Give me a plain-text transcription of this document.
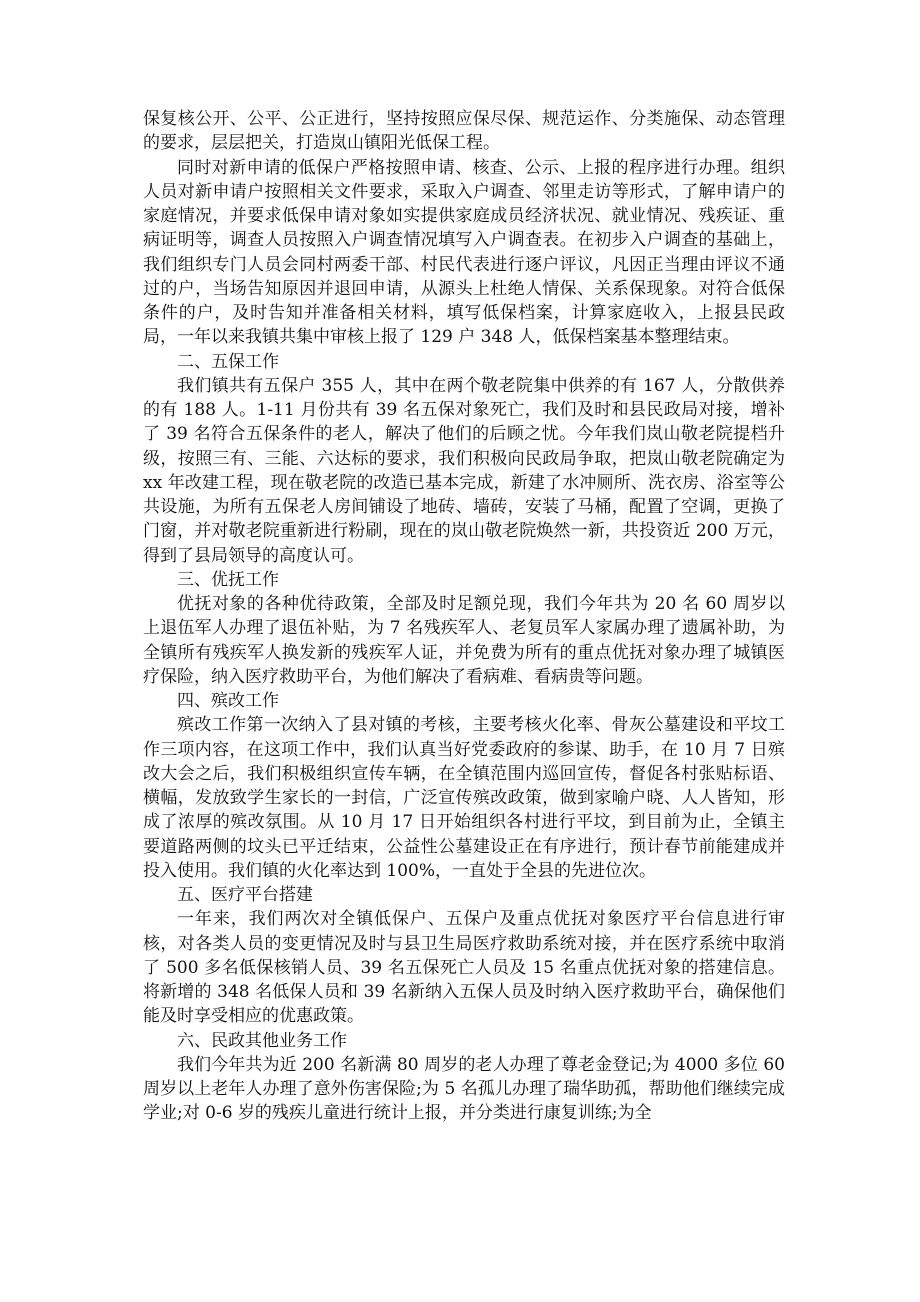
保复核公开、公平、公正进行，坚持按照应保尽保、规范运作、分类施保、动态管理的要求，层层把关，打造岚山镇阳光低保工程。

同时对新申请的低保户严格按照申请、核查、公示、上报的程序进行办理。组织人员对新申请户按照相关文件要求，采取入户调查、邻里走访等形式，了解申请户的家庭情况，并要求低保申请对象如实提供家庭成员经济状况、就业情况、残疾证、重病证明等，调查人员按照入户调查情况填写入户调查表。在初步入户调查的基础上，我们组织专门人员会同村两委干部、村民代表进行逐户评议，凡因正当理由评议不通过的户，当场告知原因并退回申请，从源头上杜绝人情保、关系保现象。对符合低保条件的户，及时告知并准备相关材料，填写低保档案，计算家庭收入，上报县民政局，一年以来我镇共集中审核上报了 129 户 348 人，低保档案基本整理结束。

二、五保工作

我们镇共有五保户 355 人，其中在两个敬老院集中供养的有 167 人，分散供养的有 188 人。1-11 月份共有 39 名五保对象死亡，我们及时和县民政局对接，增补了 39 名符合五保条件的老人，解决了他们的后顾之忧。今年我们岚山敬老院提档升级，按照三有、三能、六达标的要求，我们积极向民政局争取，把岚山敬老院确定为 xx 年改建工程，现在敬老院的改造已基本完成，新建了水冲厕所、洗衣房、浴室等公共设施，为所有五保老人房间铺设了地砖、墙砖，安装了马桶，配置了空调，更换了门窗，并对敬老院重新进行粉刷，现在的岚山敬老院焕然一新，共投资近 200 万元，得到了县局领导的高度认可。

三、优抚工作

优抚对象的各种优待政策，全部及时足额兑现，我们今年共为 20 名 60 周岁以上退伍军人办理了退伍补贴，为 7 名残疾军人、老复员军人家属办理了遗属补助，为全镇所有残疾军人换发新的残疾军人证，并免费为所有的重点优抚对象办理了城镇医疗保险，纳入医疗救助平台，为他们解决了看病难、看病贵等问题。

四、殡改工作

殡改工作第一次纳入了县对镇的考核，主要考核火化率、骨灰公墓建设和平坟工作三项内容，在这项工作中，我们认真当好党委政府的参谋、助手，在 10 月 7 日殡改大会之后，我们积极组织宣传车辆，在全镇范围内巡回宣传，督促各村张贴标语、横幅，发放致学生家长的一封信，广泛宣传殡改政策，做到家喻户晓、人人皆知，形成了浓厚的殡改氛围。从 10 月 17 日开始组织各村进行平坟，到目前为止，全镇主要道路两侧的坟头已平迁结束，公益性公墓建设正在有序进行，预计春节前能建成并投入使用。我们镇的火化率达到 100%，一直处于全县的先进位次。

五、医疗平台搭建

一年来，我们两次对全镇低保户、五保户及重点优抚对象医疗平台信息进行审核，对各类人员的变更情况及时与县卫生局医疗救助系统对接，并在医疗系统中取消了 500 多名低保核销人员、39 名五保死亡人员及 15 名重点优抚对象的搭建信息。将新增的 348 名低保人员和 39 名新纳入五保人员及时纳入医疗救助平台，确保他们能及时享受相应的优惠政策。

六、民政其他业务工作

我们今年共为近 200 名新满 80 周岁的老人办理了尊老金登记;为 4000 多位 60 周岁以上老年人办理了意外伤害保险;为 5 名孤儿办理了瑞华助孤，帮助他们继续完成学业;对 0-6 岁的残疾儿童进行统计上报，并分类进行康复训练;为全
